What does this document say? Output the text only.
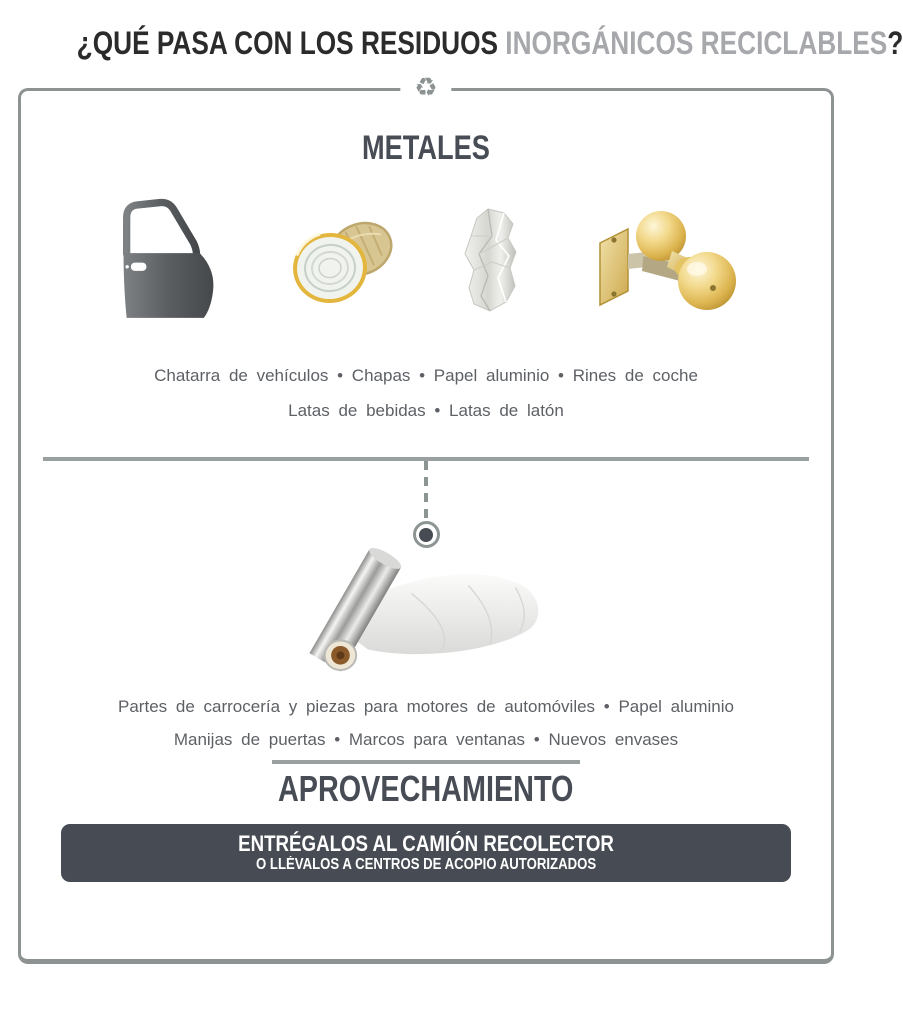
¿QUÉ PASA CON LOS RESIDUOS INORGÁNICOS RECICLABLES?
♻
METALES
Chatarra de vehículos • Chapas • Papel aluminio • Rines de coche
Latas de bebidas • Latas de latón
Partes de carrocería y piezas para motores de automóviles • Papel aluminio
Manijas de puertas • Marcos para ventanas • Nuevos envases
APROVECHAMIENTO
ENTRÉGALOS AL CAMIÓN RECOLECTOR
O LLÉVALOS A CENTROS DE ACOPIO AUTORIZADOS
